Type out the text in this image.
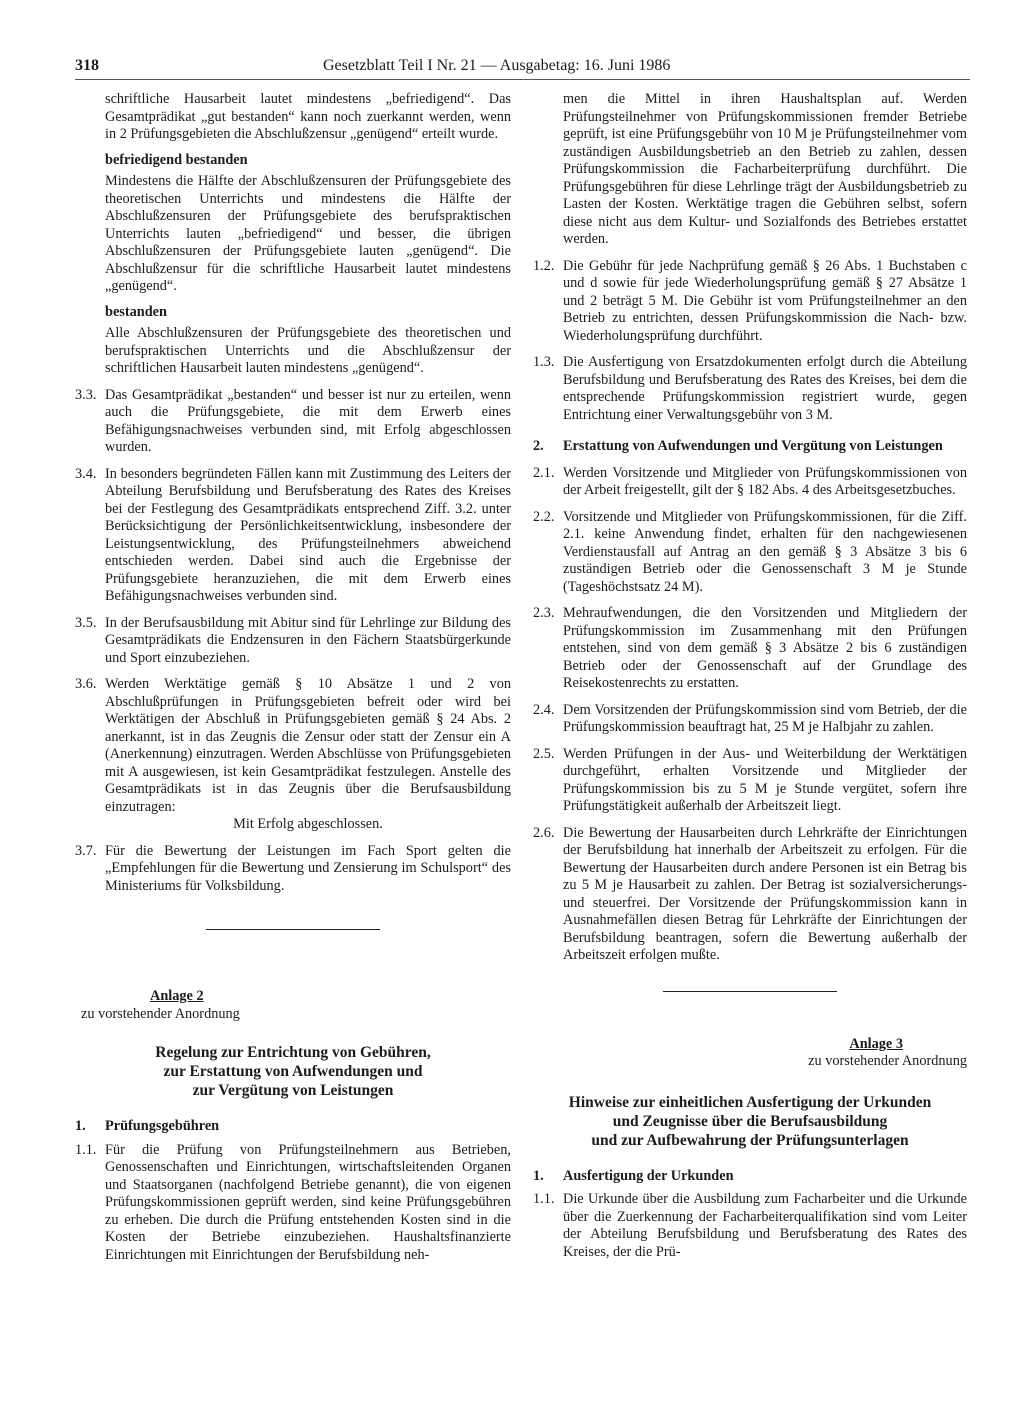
318	Gesetzblatt Teil I Nr. 21 — Ausgabetag: 16. Juni 1986

schriftliche Hausarbeit lautet mindestens „befriedigend“. Das Gesamtprädikat „gut bestanden“ kann noch zuerkannt werden, wenn in 2 Prüfungsgebieten die Abschlußzensur „genügend“ erteilt wurde.

befriedigend bestanden

Mindestens die Hälfte der Abschlußzensuren der Prüfungsgebiete des theoretischen Unterrichts und mindestens die Hälfte der Abschlußzensuren der Prüfungsgebiete des berufspraktischen Unterrichts lauten „befriedigend“ und besser, die übrigen Abschlußzensuren der Prüfungsgebiete lauten „genügend“. Die Abschlußzensur für die schriftliche Hausarbeit lautet mindestens „genügend“.

bestanden

Alle Abschlußzensuren der Prüfungsgebiete des theoretischen und berufspraktischen Unterrichts und die Abschlußzensur der schriftlichen Hausarbeit lauten mindestens „genügend“.

3.3. Das Gesamtprädikat „bestanden“ und besser ist nur zu erteilen, wenn auch die Prüfungsgebiete, die mit dem Erwerb eines Befähigungsnachweises verbunden sind, mit Erfolg abgeschlossen wurden.
3.4. In besonders begründeten Fällen kann mit Zustimmung des Leiters der Abteilung Berufsbildung und Berufsberatung des Rates des Kreises bei der Festlegung des Gesamtprädikats entsprechend Ziff. 3.2. unter Berücksichtigung der Persönlichkeitsentwicklung, insbesondere der Leistungsentwicklung, des Prüfungsteilnehmers abweichend entschieden werden. Dabei sind auch die Ergebnisse der Prüfungsgebiete heranzuziehen, die mit dem Erwerb eines Befähigungsnachweises verbunden sind.
3.5. In der Berufsausbildung mit Abitur sind für Lehrlinge zur Bildung des Gesamtprädikats die Endzensuren in den Fächern Staatsbürgerkunde und Sport einzubeziehen.
3.6. Werden Werktätige gemäß § 10 Absätze 1 und 2 von Abschlußprüfungen in Prüfungsgebieten befreit oder wird bei Werktätigen der Abschluß in Prüfungsgebieten gemäß § 24 Abs. 2 anerkannt, ist in das Zeugnis die Zensur oder statt der Zensur ein A (Anerkennung) einzutragen. Werden Abschlüsse von Prüfungsgebieten mit A ausgewiesen, ist kein Gesamtprädikat festzulegen. Anstelle des Gesamtprädikats ist in das Zeugnis über die Berufsausbildung einzutragen:
Mit Erfolg abgeschlossen.
3.7. Für die Bewertung der Leistungen im Fach Sport gelten die „Empfehlungen für die Bewertung und Zensierung im Schulsport“ des Ministeriums für Volksbildung.
Anlage 2
zu vorstehender Anordnung
Regelung zur Entrichtung von Gebühren,
zur Erstattung von Aufwendungen und
zur Vergütung von Leistungen
1. Prüfungsgebühren
1.1. Für die Prüfung von Prüfungsteilnehmern aus Betrieben, Genossenschaften und Einrichtungen, wirtschaftsleitenden Organen und Staatsorganen (nachfolgend Betriebe genannt), die von eigenen Prüfungskommissionen geprüft werden, sind keine Prüfungsgebühren zu erheben. Die durch die Prüfung entstehenden Kosten sind in die Kosten der Betriebe einzubeziehen. Haushaltsfinanzierte Einrichtungen mit Einrichtungen der Berufsbildung neh-

men die Mittel in ihren Haushaltsplan auf. Werden Prüfungsteilnehmer von Prüfungskommissionen fremder Betriebe geprüft, ist eine Prüfungsgebühr von 10 M je Prüfungsteilnehmer vom zuständigen Ausbildungsbetrieb an den Betrieb zu zahlen, dessen Prüfungskommission die Facharbeiterprüfung durchführt. Die Prüfungsgebühren für diese Lehrlinge trägt der Ausbildungsbetrieb zu Lasten der Kosten. Werktätige tragen die Gebühren selbst, sofern diese nicht aus dem Kultur- und Sozialfonds des Betriebes erstattet werden.

1.2. Die Gebühr für jede Nachprüfung gemäß § 26 Abs. 1 Buchstaben c und d sowie für jede Wiederholungsprüfung gemäß § 27 Absätze 1 und 2 beträgt 5 M. Die Gebühr ist vom Prüfungsteilnehmer an den Betrieb zu entrichten, dessen Prüfungskommission die Nach- bzw. Wiederholungsprüfung durchführt.
1.3. Die Ausfertigung von Ersatzdokumenten erfolgt durch die Abteilung Berufsbildung und Berufsberatung des Rates des Kreises, bei dem die entsprechende Prüfungskommission registriert wurde, gegen Entrichtung einer Verwaltungsgebühr von 3 M.
2. Erstattung von Aufwendungen und Vergütung von Leistungen
2.1. Werden Vorsitzende und Mitglieder von Prüfungskommissionen von der Arbeit freigestellt, gilt der § 182 Abs. 4 des Arbeitsgesetzbuches.
2.2. Vorsitzende und Mitglieder von Prüfungskommissionen, für die Ziff. 2.1. keine Anwendung findet, erhalten für den nachgewiesenen Verdienstausfall auf Antrag an den gemäß § 3 Absätze 3 bis 6 zuständigen Betrieb oder die Genossenschaft 3 M je Stunde (Tageshöchstsatz 24 M).
2.3. Mehraufwendungen, die den Vorsitzenden und Mitgliedern der Prüfungskommission im Zusammenhang mit den Prüfungen entstehen, sind von dem gemäß § 3 Absätze 2 bis 6 zuständigen Betrieb oder der Genossenschaft auf der Grundlage des Reisekostenrechts zu erstatten.
2.4. Dem Vorsitzenden der Prüfungskommission sind vom Betrieb, der die Prüfungskommission beauftragt hat, 25 M je Halbjahr zu zahlen.
2.5. Werden Prüfungen in der Aus- und Weiterbildung der Werktätigen durchgeführt, erhalten Vorsitzende und Mitglieder der Prüfungskommission bis zu 5 M je Stunde vergütet, sofern ihre Prüfungstätigkeit außerhalb der Arbeitszeit liegt.
2.6. Die Bewertung der Hausarbeiten durch Lehrkräfte der Einrichtungen der Berufsbildung hat innerhalb der Arbeitszeit zu erfolgen. Für die Bewertung der Hausarbeiten durch andere Personen ist ein Betrag bis zu 5 M je Hausarbeit zu zahlen. Der Betrag ist sozialversicherungs- und steuerfrei. Der Vorsitzende der Prüfungskommission kann in Ausnahmefällen diesen Betrag für Lehrkräfte der Einrichtungen der Berufsbildung beantragen, sofern die Bewertung außerhalb der Arbeitszeit erfolgen mußte.
Anlage 3
zu vorstehender Anordnung
Hinweise zur einheitlichen Ausfertigung der Urkunden
und Zeugnisse über die Berufsausbildung
und zur Aufbewahrung der Prüfungsunterlagen
1. Ausfertigung der Urkunden
1.1. Die Urkunde über die Ausbildung zum Facharbeiter und die Urkunde über die Zuerkennung der Facharbeiterqualifikation sind vom Leiter der Abteilung Berufsbildung und Berufsberatung des Rates des Kreises, der die Prü-
